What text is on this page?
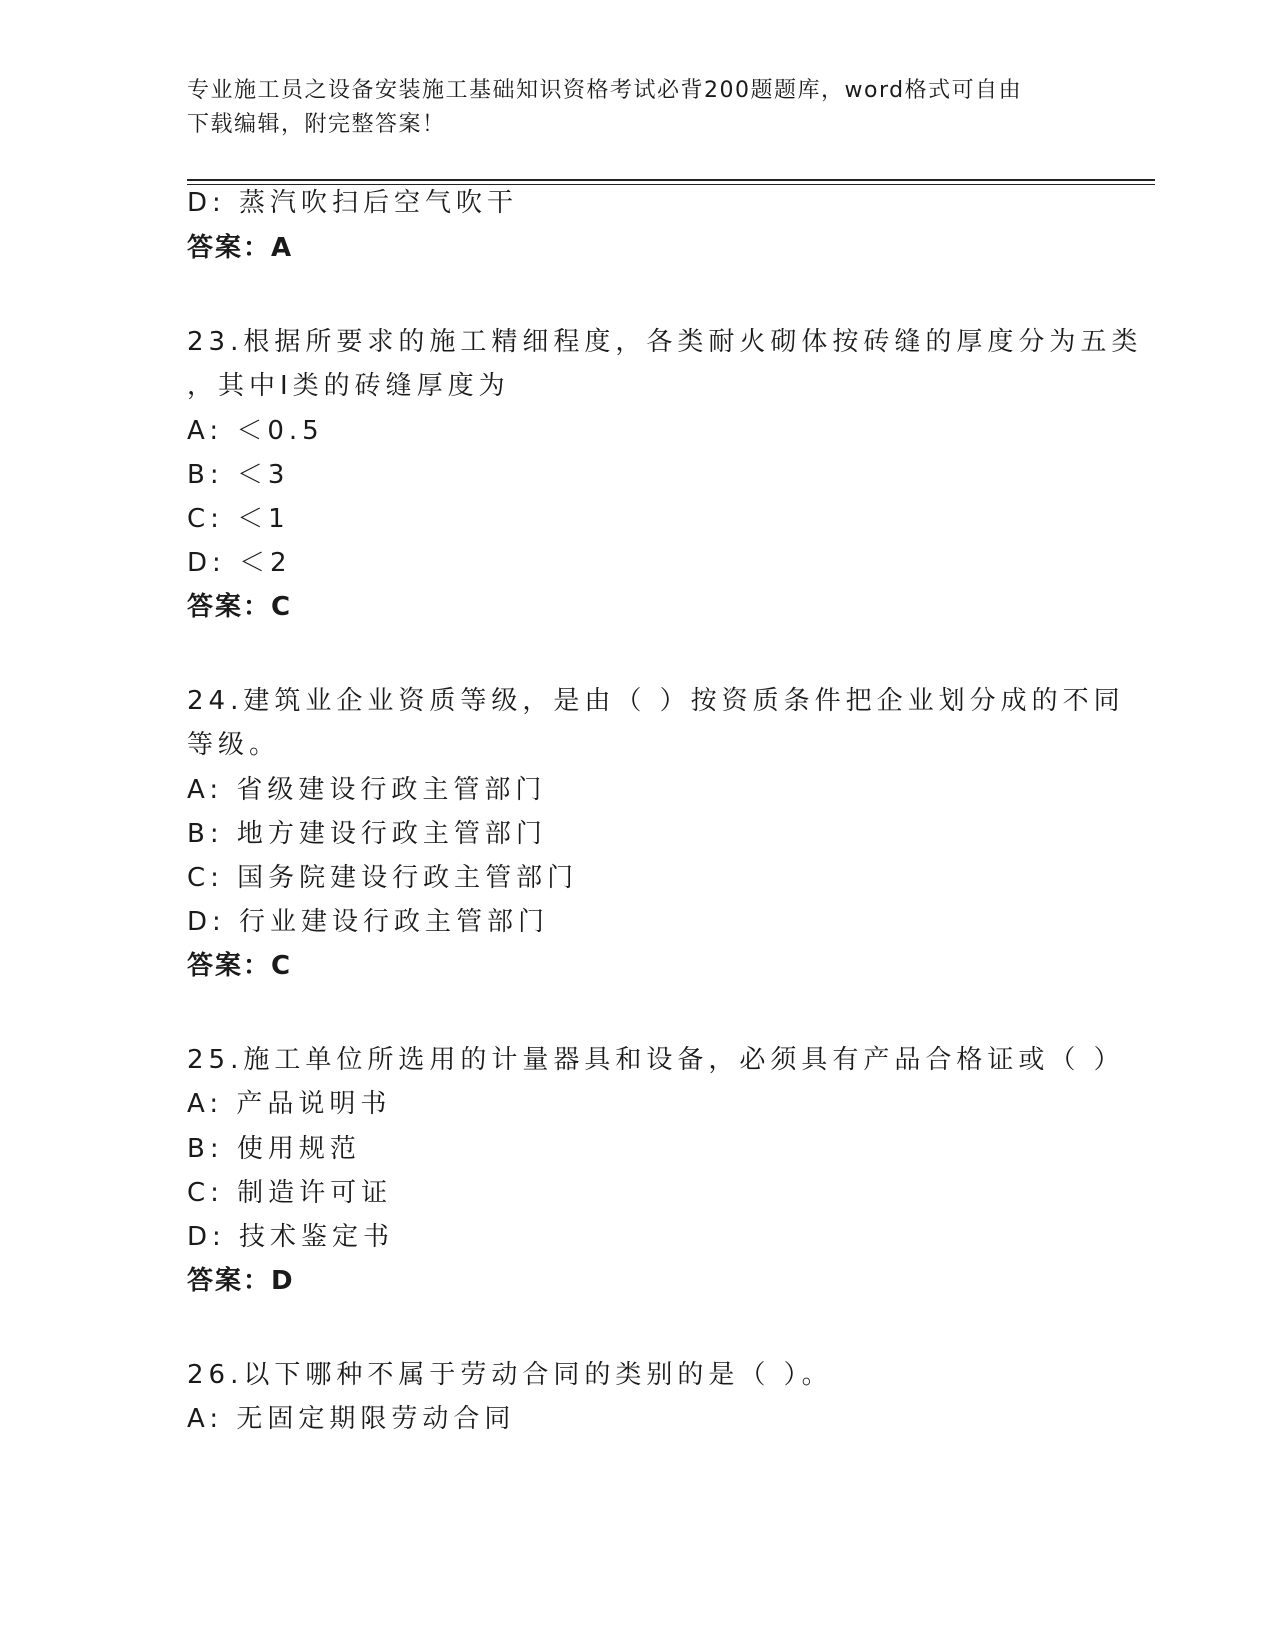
专业施工员之设备安装施工基础知识资格考试必背200题题库，word格式可自由
下载编辑，附完整答案！
D: 蒸汽吹扫后空气吹干
答案：A
23.根据所要求的施工精细程度，各类耐火砌体按砖缝的厚度分为五类
，其中Ⅰ类的砖缝厚度为
A: ＜0.5
B: ＜3
C: ＜1
D: ＜2
答案：C
24.建筑业企业资质等级，是由（ ）按资质条件把企业划分成的不同
等级。
A: 省级建设行政主管部门
B: 地方建设行政主管部门
C: 国务院建设行政主管部门
D: 行业建设行政主管部门
答案：C
25.施工单位所选用的计量器具和设备，必须具有产品合格证或（ ）
A: 产品说明书
B: 使用规范
C: 制造许可证
D: 技术鉴定书
答案：D
26.以下哪种不属于劳动合同的类别的是（ ）。
A: 无固定期限劳动合同
